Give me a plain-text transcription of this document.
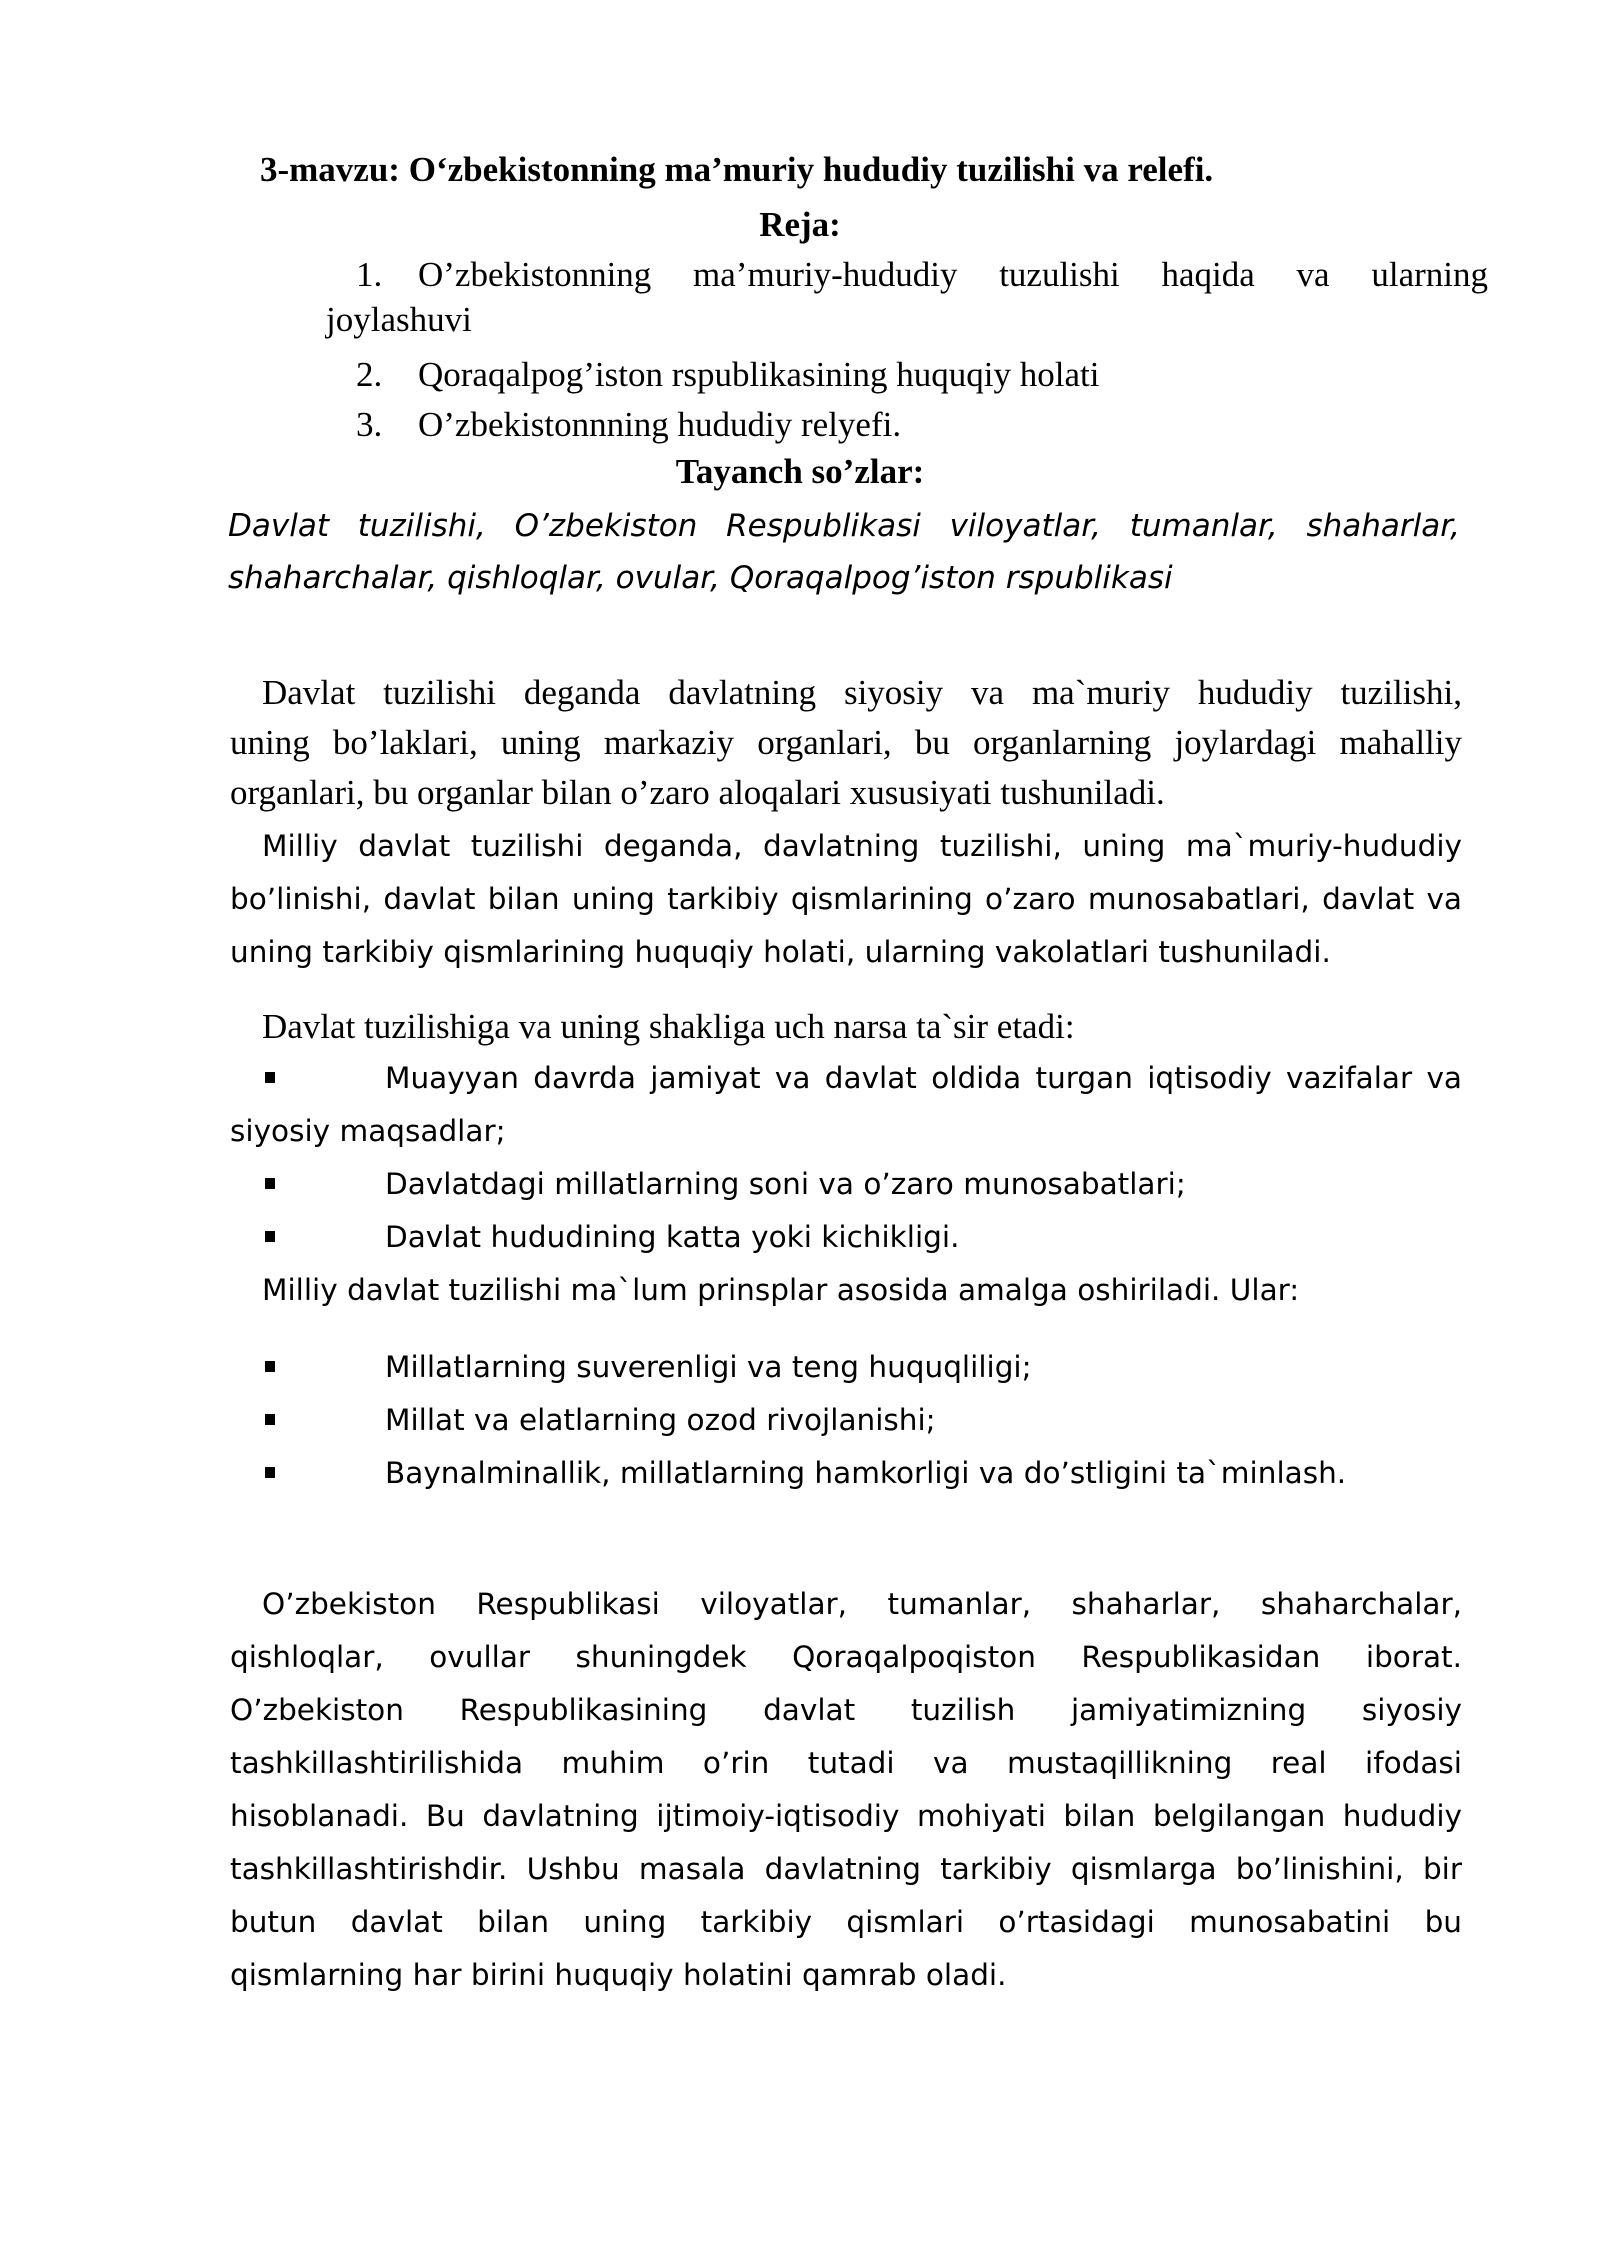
3-mavzu: O‘zbekistonning ma’muriy hududiy tuzilishi va relefi.
Reja:
1. O’zbekistonning ma’muriy-hududiy tuzulishi haqida va ularning
joylashuvi
2. Qoraqalpog’iston rspublikasining huquqiy holati
3. O’zbekistonnning hududiy relyefi.
Tayanch so’zlar:
Davlat tuzilishi, O’zbekiston Respublikasi viloyatlar, tumanlar, shaharlar,
shaharchalar, qishloqlar, ovular, Qoraqalpog’iston rspublikasi
Davlat tuzilishi deganda davlatning siyosiy va ma`muriy hududiy tuzilishi,
uning bo’laklari, uning markaziy organlari, bu organlarning joylardagi mahalliy
organlari, bu organlar bilan o’zaro aloqalari xususiyati tushuniladi.
Milliy davlat tuzilishi deganda, davlatning tuzilishi, uning ma`muriy-hududiy
bo’linishi, davlat bilan uning tarkibiy qismlarining o’zaro munosabatlari, davlat va
uning tarkibiy qismlarining huquqiy holati, ularning vakolatlari tushuniladi.
Davlat tuzilishiga va uning shakliga uch narsa ta`sir etadi:
Muayyan davrda jamiyat va davlat oldida turgan iqtisodiy vazifalar va
siyosiy maqsadlar;
Davlatdagi millatlarning soni va o’zaro munosabatlari;
Davlat hududining katta yoki kichikligi.
Milliy davlat tuzilishi ma`lum prinsplar asosida amalga oshiriladi. Ular:
Millatlarning suverenligi va teng huquqliligi;
Millat va elatlarning ozod rivojlanishi;
Baynalminallik, millatlarning hamkorligi va do’stligini ta`minlash.
O’zbekiston Respublikasi viloyatlar, tumanlar, shaharlar, shaharchalar,
qishloqlar, ovullar shuningdek Qoraqalpoqiston Respublikasidan iborat.
O’zbekiston Respublikasining davlat tuzilish jamiyatimizning siyosiy
tashkillashtirilishida muhim o’rin tutadi va mustaqillikning real ifodasi
hisoblanadi. Bu davlatning ijtimoiy-iqtisodiy mohiyati bilan belgilangan hududiy
tashkillashtirishdir. Ushbu masala davlatning tarkibiy qismlarga bo’linishini, bir
butun davlat bilan uning tarkibiy qismlari o’rtasidagi munosabatini bu
qismlarning har birini huquqiy holatini qamrab oladi.
